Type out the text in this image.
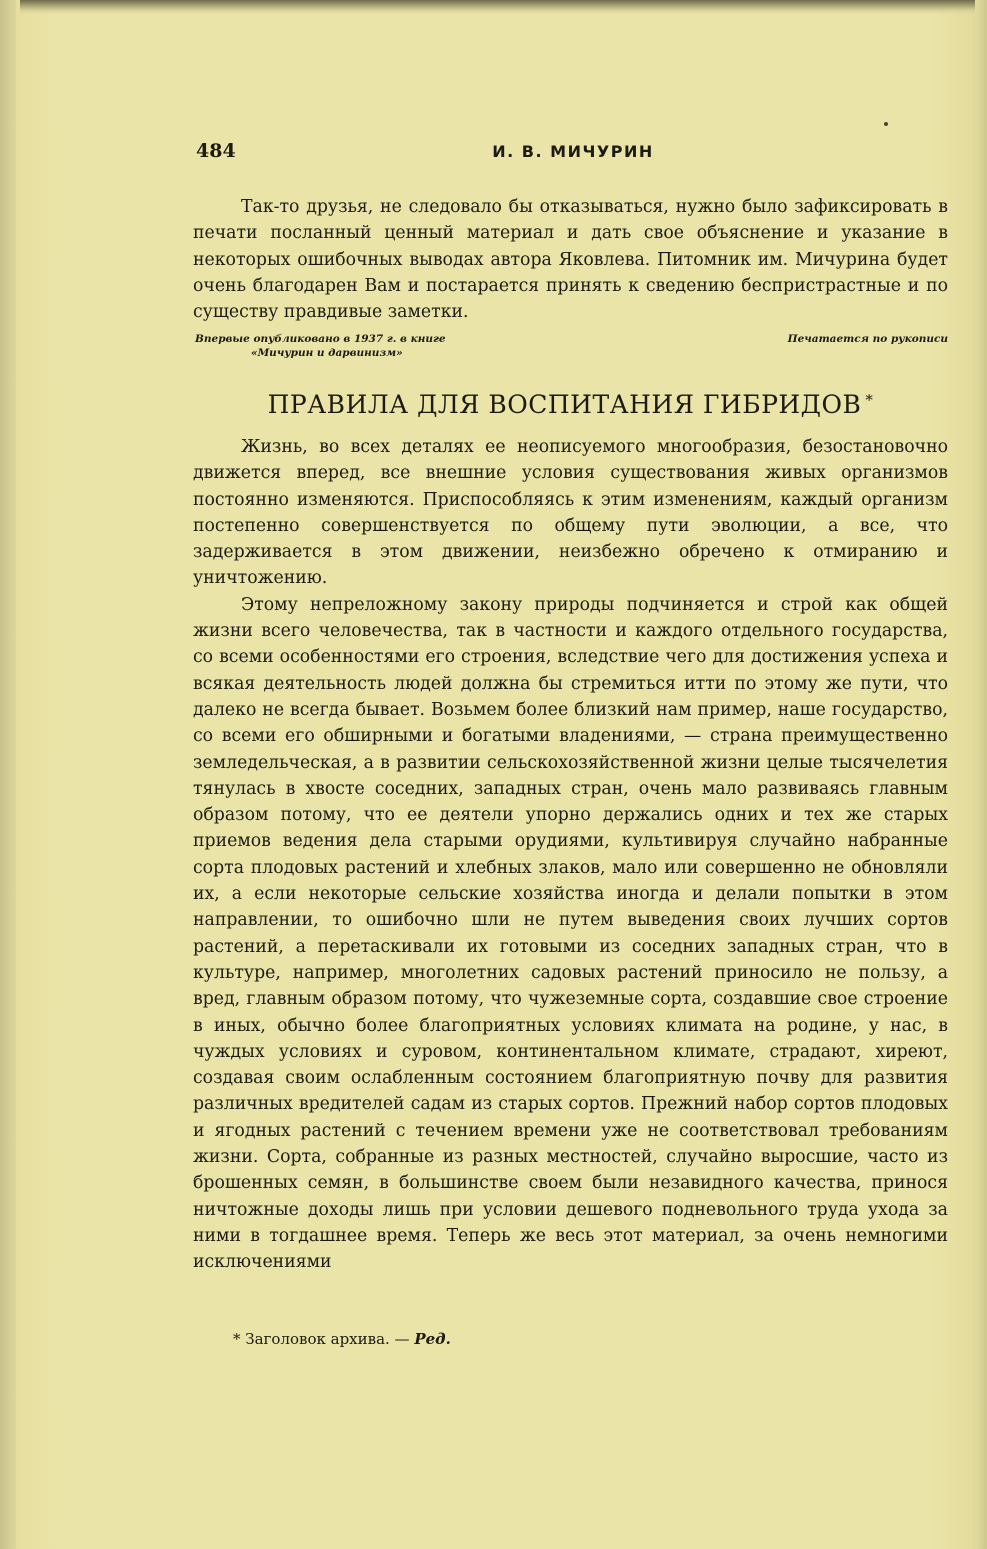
484	И. В. МИЧУРИН

Так-то друзья, не следовало бы отказываться, нужно было зафиксировать в печати посланный ценный материал и дать свое объяснение и указание в некоторых ошибочных выводах автора Яковлева. Питомник им. Мичурина будет очень благодарен Вам и постарается принять к сведению беспристрастные и по существу правдивые заметки.

Впервые опубликовано в 1937 г. в книге
«Мичурин и дарвинизм»
Печатается по рукописи
ПРАВИЛА ДЛЯ ВОСПИТАНИЯ ГИБРИДОВ *

Жизнь, во всех деталях ее неописуемого многообразия, безостановочно движется вперед, все внешние условия существования живых организмов постоянно изменяются. Приспособляясь к этим изменениям, каждый организм постепенно совершенствуется по общему пути эволюции, а все, что задерживается в этом движении, неизбежно обречено к отмиранию и уничтожению.

Этому непреложному закону природы подчиняется и строй как общей жизни всего человечества, так в частности и каждого отдельного государства, со всеми особенностями его строения, вследствие чего для достижения успеха и всякая деятельность людей должна бы стремиться итти по этому же пути, что далеко не всегда бывает. Возьмем более близкий нам пример, наше государство, со всеми его обширными и богатыми владениями, — страна преимущественно земледельческая, а в развитии сельскохозяйственной жизни целые тысячелетия тянулась в хвосте соседних, западных стран, очень мало развиваясь главным образом потому, что ее деятели упорно держались одних и тех же старых приемов ведения дела старыми орудиями, культивируя случайно набранные сорта плодовых растений и хлебных злаков, мало или совершенно не обновляли их, а если некоторые сельские хозяйства иногда и делали попытки в этом направлении, то ошибочно шли не путем выведения своих лучших сортов растений, а перетаскивали их готовыми из соседних западных стран, что в культуре, например, многолетних садовых растений приносило не пользу, а вред, главным образом потому, что чужеземные сорта, создавшие свое строение в иных, обычно более благоприятных условиях климата на родине, у нас, в чуждых условиях и суровом, континентальном климате, страдают, хиреют, создавая своим ослабленным состоянием благоприятную почву для развития различных вредителей садам из старых сортов. Прежний набор сортов плодовых и ягодных растений с течением времени уже не соответствовал требованиям жизни. Сорта, собранные из разных местностей, случайно выросшие, часто из брошенных семян, в большинстве своем были незавидного качества, принося ничтожные доходы лишь при условии дешевого подневольного труда ухода за ними в тогдашнее время. Теперь же весь этот материал, за очень немногими исключениями

* Заголовок архива. — Ред.
